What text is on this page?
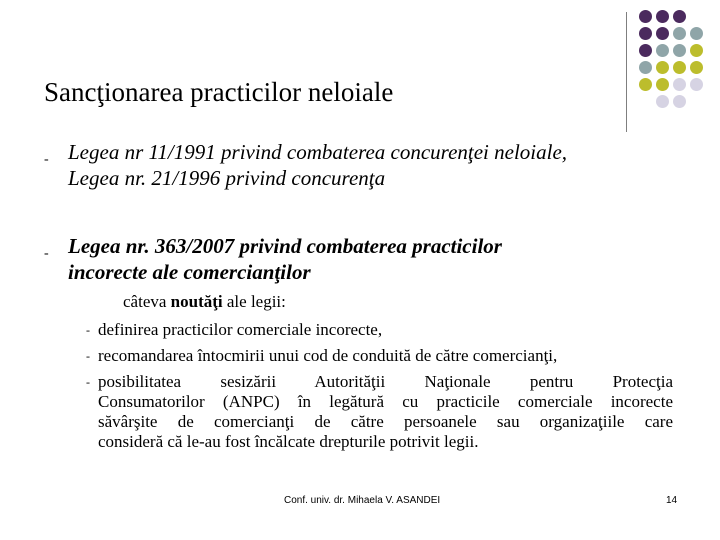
Sancţionarea practicilor neloiale
- Legea nr 11/1991 privind combaterea concurenţei neloiale,
Legea nr. 21/1996 privind concurenţa
- Legea nr. 363/2007 privind combaterea practicilor
incorecte ale comercianţilor
câteva noutăţi ale legii:
- definirea practicilor comerciale incorecte,
- recomandarea întocmirii unui cod de conduită de către comercianţi,
- posibilitatea sesizării Autorităţii Naţionale pentru Protecţia
Consumatorilor (ANPC) în legătură cu practicile comerciale incorecte
săvârşite de comercianţi de către persoanele sau organizaţiile care
consideră că le-au fost încălcate drepturile potrivit legii.
Conf. univ. dr. Mihaela V. ASANDEI	14
